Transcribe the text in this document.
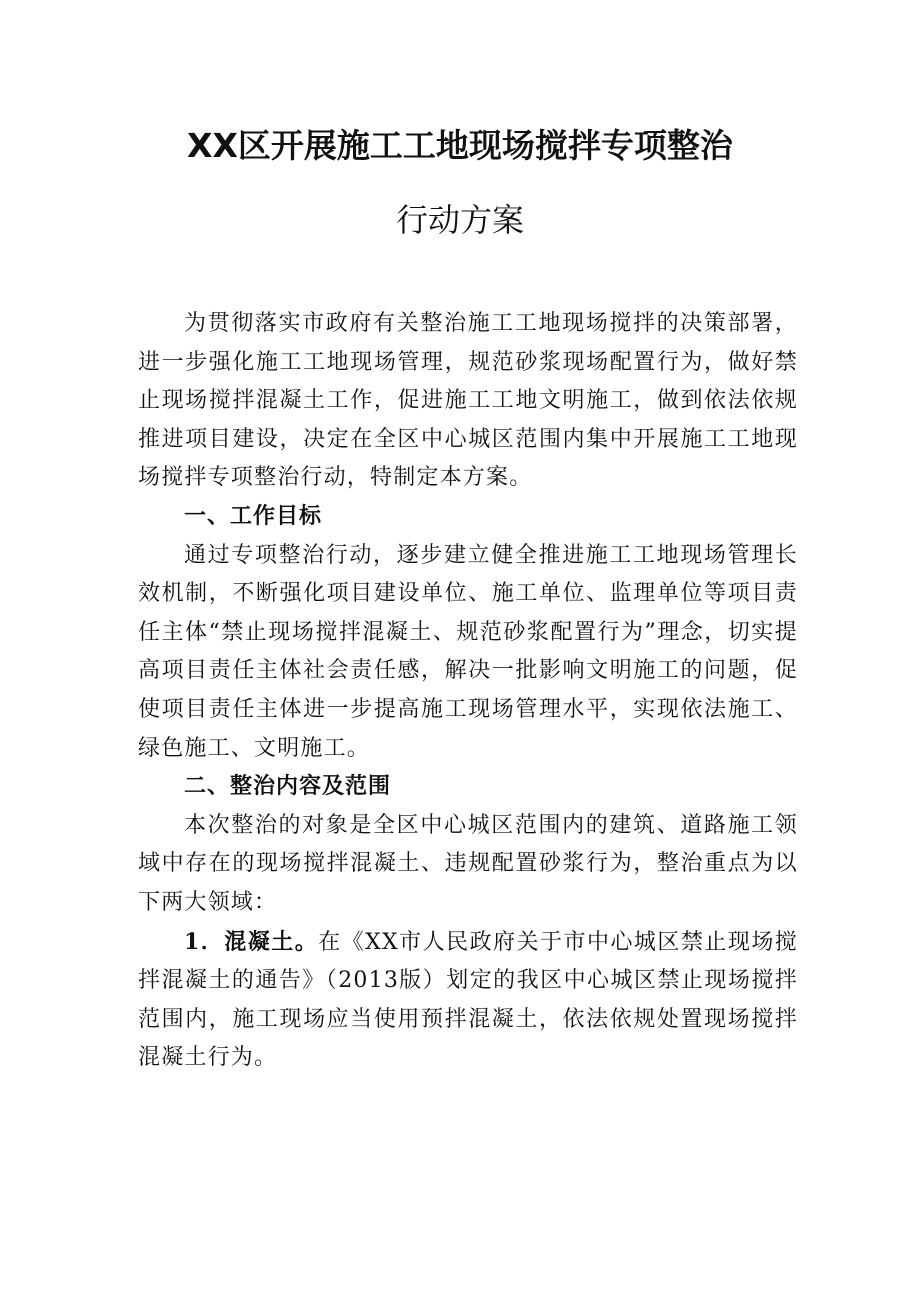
XX区开展施工工地现场搅拌专项整治
行动方案

为贯彻落实市政府有关整治施工工地现场搅拌的决策部署，进一步强化施工工地现场管理，规范砂浆现场配置行为，做好禁止现场搅拌混凝土工作，促进施工工地文明施工，做到依法依规推进项目建设，决定在全区中心城区范围内集中开展施工工地现场搅拌专项整治行动，特制定本方案。

一、工作目标

通过专项整治行动，逐步建立健全推进施工工地现场管理长效机制，不断强化项目建设单位、施工单位、监理单位等项目责任主体“禁止现场搅拌混凝土、规范砂浆配置行为”理念，切实提高项目责任主体社会责任感，解决一批影响文明施工的问题，促使项目责任主体进一步提高施工现场管理水平，实现依法施工、绿色施工、文明施工。

二、整治内容及范围

本次整治的对象是全区中心城区范围内的建筑、道路施工领域中存在的现场搅拌混凝土、违规配置砂浆行为，整治重点为以下两大领域：

1．混凝土。在《XX市人民政府关于市中心城区禁止现场搅拌混凝土的通告》（2013版）划定的我区中心城区禁止现场搅拌范围内，施工现场应当使用预拌混凝土，依法依规处置现场搅拌混凝土行为。
